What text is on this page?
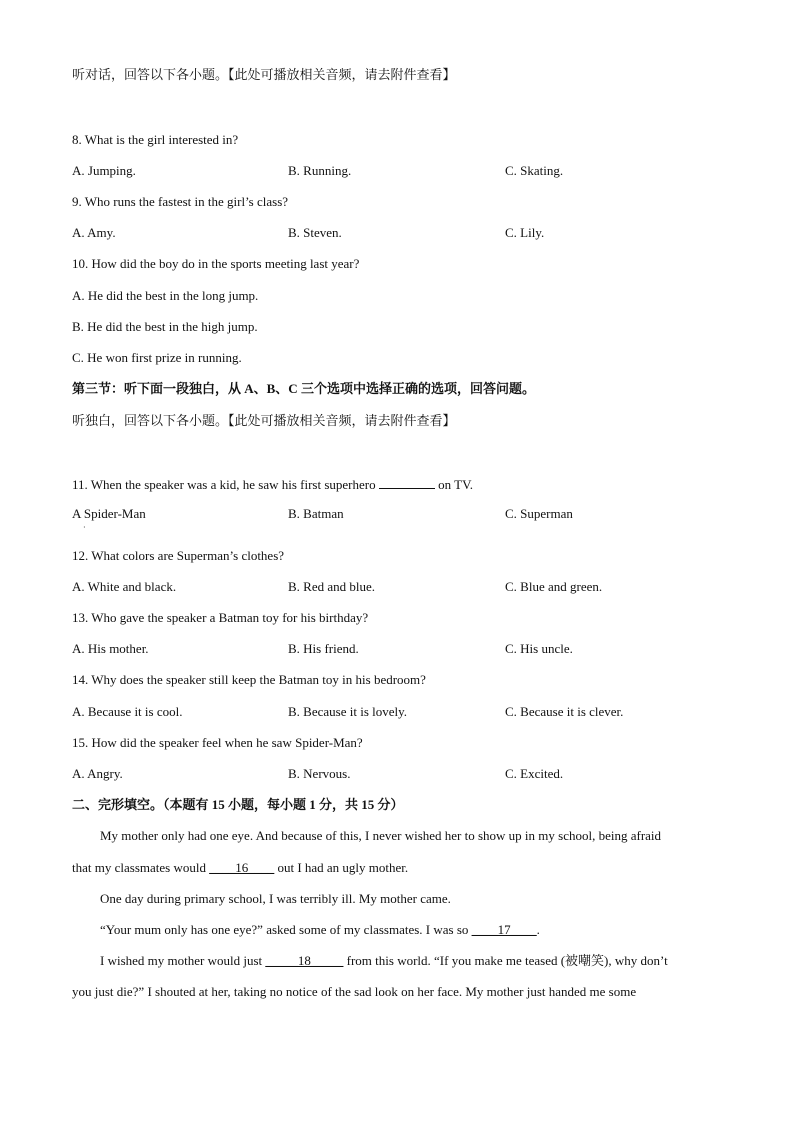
听对话，回答以下各小题。【此处可播放相关音频，请去附件查看】
8. What is the girl interested in?
A. Jumping.	B. Running.	C. Skating.
9. Who runs the fastest in the girl’s class?
A. Amy.	B. Steven.	C. Lily.
10. How did the boy do in the sports meeting last year?
A. He did the best in the long jump.
B. He did the best in the high jump.
C. He won first prize in running.
第三节：听下面一段独白，从 A、B、C 三个选项中选择正确的选项，回答问题。
听独白，回答以下各小题。【此处可播放相关音频，请去附件查看】
11. When the speaker was a kid, he saw his first superhero	on TV.
A Spider-Man
·
B. Batman	C. Superman
12. What colors are Superman’s clothes?
A. White and black.	B. Red and blue.	C. Blue and green.
13. Who gave the speaker a Batman toy for his birthday?
A. His mother.	B. His friend.	C. His uncle.
14. Why does the speaker still keep the Batman toy in his bedroom?
A. Because it is cool.	B. Because it is lovely.	C. Because it is clever.
15. How did the speaker feel when he saw Spider-Man?
A. Angry.	B. Nervous.	C. Excited.
二、完形填空。（本题有 15 小题，每小题 1 分，共 15 分）
My mother only had one eye. And because of this, I never wished her to show up in my school, being afraid
that my classmates would ____16____ out I had an ugly mother.
One day during primary school, I was terribly ill. My mother came.
“Your mum only has one eye?” asked some of my classmates. I was so ____17____.
I wished my mother would just _____18_____ from this world. “If you make me teased (被嘲笑), why don’t
you just die?” I shouted at her, taking no notice of the sad look on her face. My mother just handed me some
